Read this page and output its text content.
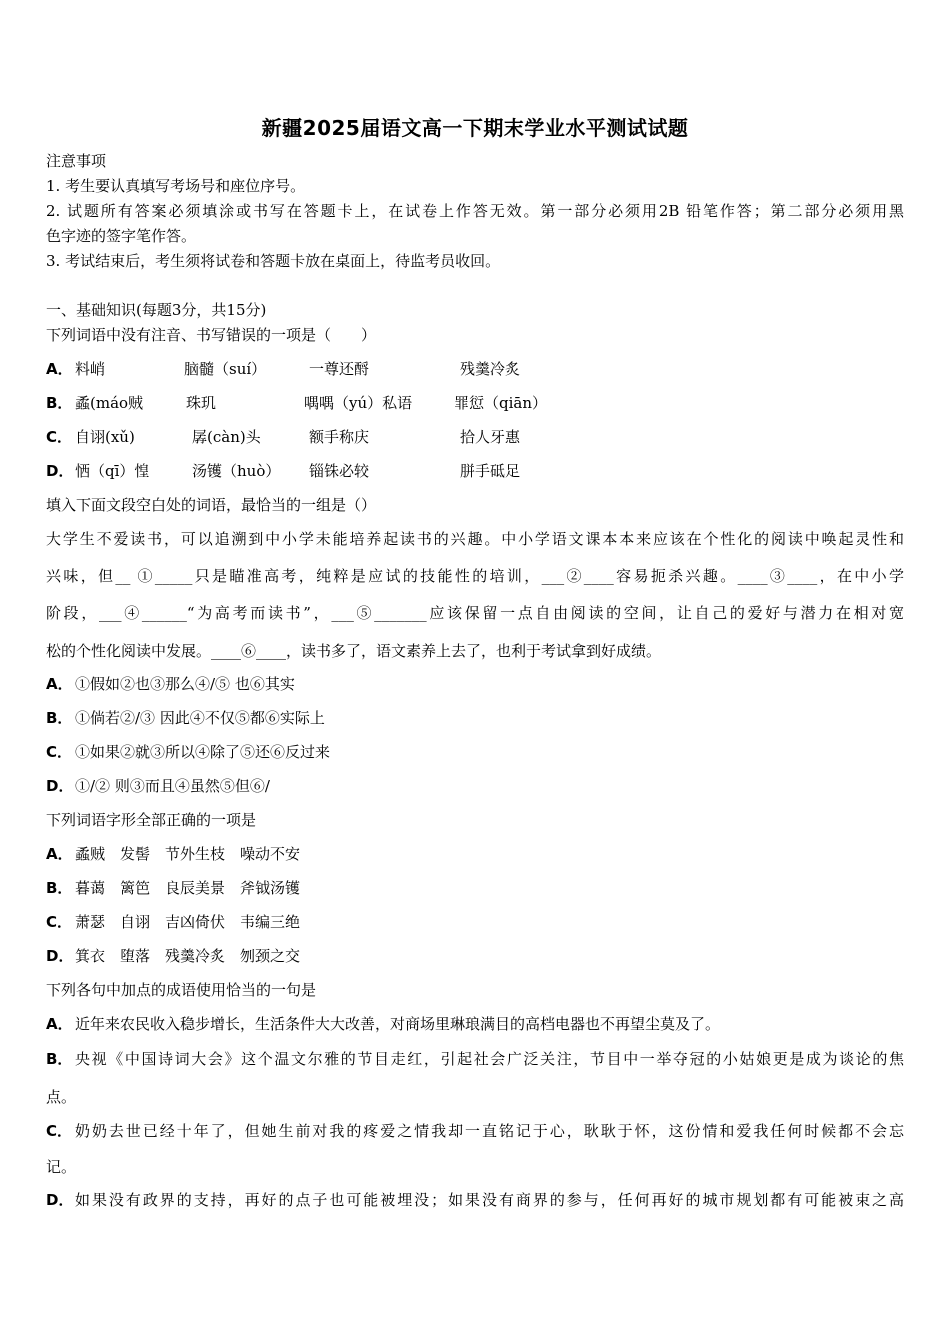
新疆2025届语文高一下期末学业水平测试试题
注意事项
1. 考生要认真填写考场号和座位序号。
2. 试题所有答案必须填涂或书写在答题卡上，在试卷上作答无效。第一部分必须用2B 铅笔作答；第二部分必须用黑
色字迹的签字笔作答。
3. 考试结束后，考生须将试卷和答题卡放在桌面上，待监考员收回。
一、基础知识(每题3分，共15分)
下列词语中没有注音、书写错误的一项是（　　）
A． 料峭	脑髓（suí）	一尊还酹	残羹冷炙
B． 蟊(máo贼	珠玑	喁喁（yú）私语	罪愆（qiān）
C． 自诩(xǔ)	孱(càn)头	额手称庆	拾人牙惠
D． 恓（qī）惶	汤镬（huò） 锱铢必较	胼手砥足
填入下面文段空白处的词语，最恰当的一组是（）
大学生不爱读书，可以追溯到中小学未能培养起读书的兴趣。中小学语文课本本来应该在个性化的阅读中唤起灵性和
兴味，但__ ①_____只是瞄准高考，纯粹是应试的技能性的培训，___②____容易扼杀兴趣。____③____，在中小学
阶段，___④______“为高考而读书”，___⑤_______应该保留一点自由阅读的空间，让自己的爱好与潜力在相对宽
松的个性化阅读中发展。____⑥____，读书多了，语文素养上去了，也利于考试拿到好成绩。
A． ①假如②也③那么④/⑤ 也⑥其实
B． ①倘若②/③ 因此④不仅⑤都⑥实际上
C． ①如果②就③所以④除了⑤还⑥反过来
D． ①/② 则③而且④虽然⑤但⑥/
下列词语字形全部正确的一项是
A． 蟊贼　发髻　节外生枝　噪动不安
B． 暮蔼　篱笆　良辰美景　斧钺汤镬
C． 萧瑟　自诩　吉凶倚伏　韦编三绝
D． 箕衣　堕落　残羹冷炙　刎颈之交
下列各句中加点的成语使用恰当的一句是
A． 近年来农民收入稳步增长，生活条件大大改善，对商场里琳琅满目的高档电器也不再望尘莫及了。
B． 央视《中国诗词大会》这个温文尔雅的节目走红，引起社会广泛关注，节目中一举夺冠的小姑娘更是成为谈论的焦
点。
C． 奶奶去世已经十年了，但她生前对我的疼爱之情我却一直铭记于心，耿耿于怀，这份情和爱我任何时候都不会忘
记。
D． 如果没有政界的支持，再好的点子也可能被埋没；如果没有商界的参与，任何再好的城市规划都有可能被束之高
